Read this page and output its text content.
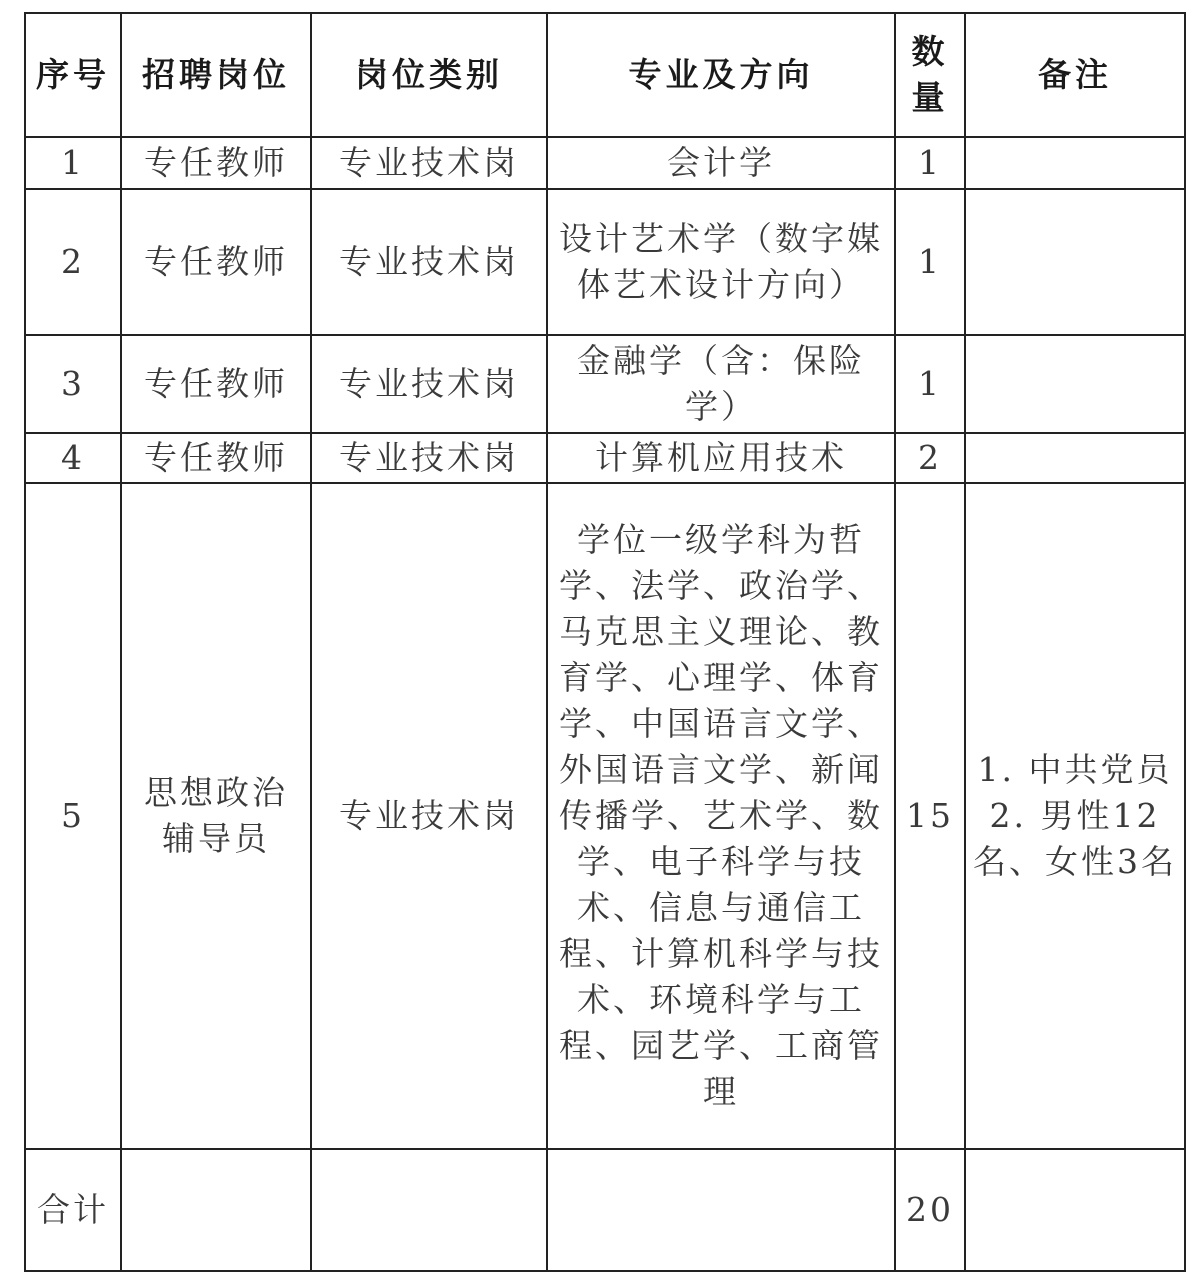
序号	招聘岗位	岗位类别	专业及方向	数量	备注
1	专任教师	专业技术岗	会计学	1	
2	专任教师	专业技术岗	设计艺术学（数字媒体艺术设计方向）	1	
3	专任教师	专业技术岗	金融学（含：保险学）	1	
4	专任教师	专业技术岗	计算机应用技术	2	
5	思想政治辅导员	专业技术岗	学位一级学科为哲学、法学、政治学、马克思主义理论、教育学、心理学、体育学、中国语言文学、外国语言文学、新闻传播学、艺术学、数学、电子科学与技术、信息与通信工程、计算机科学与技术、环境科学与工程、园艺学、工商管理	15	1. 中共党员
2. 男性12名、女性3名

合计				20	
